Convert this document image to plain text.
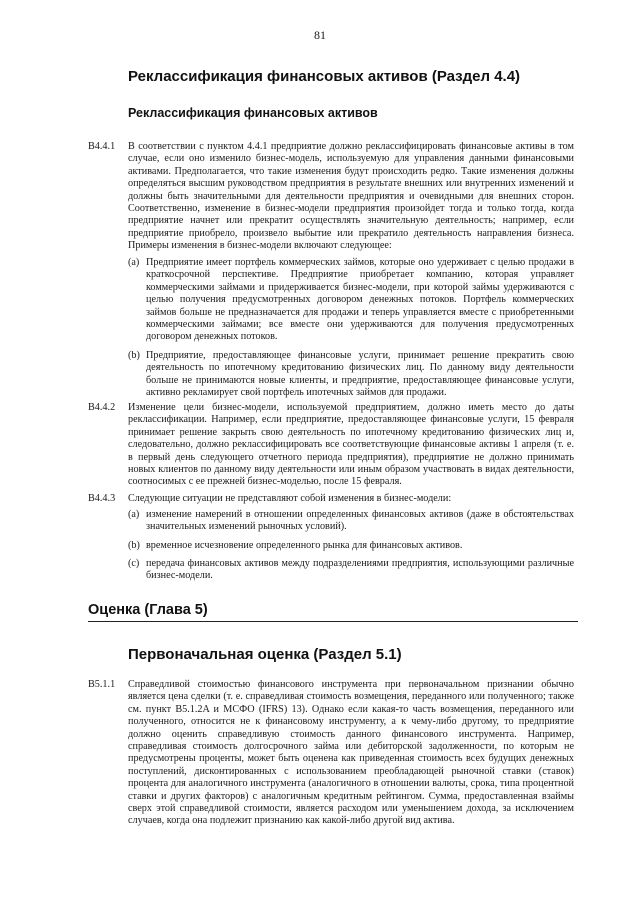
81
Реклассификация финансовых активов (Раздел 4.4)
Реклассификация финансовых активов
B4.4.1 В соответствии с пунктом 4.4.1 предприятие должно реклассифицировать финансовые активы в том случае, если оно изменило бизнес-модель, используемую для управления данными финансовыми активами. Предполагается, что такие изменения будут происходить редко. Такие изменения должны определяться высшим руководством предприятия в результате внешних или внутренних изменений и должны быть значительными для деятельности предприятия и очевидными для внешних сторон. Соответственно, изменение в бизнес-модели предприятия произойдет тогда и только тогда, когда предприятие начнет или прекратит осуществлять значительную деятельность; например, если предприятие приобрело, произвело выбытие или прекратило деятельность направления бизнеса. Примеры изменения в бизнес-модели включают следующее:

(a) Предприятие имеет портфель коммерческих займов, которые оно удерживает с целью продажи в краткосрочной перспективе. Предприятие приобретает компанию, которая управляет коммерческими займами и придерживается бизнес-модели, при которой займы удерживаются с целью получения предусмотренных договором денежных потоков. Портфель коммерческих займов больше не предназначается для продажи и теперь управляется вместе с приобретенными коммерческими займами; все вместе они удерживаются для получения предусмотренных договором денежных потоков.
(b) Предприятие, предоставляющее финансовые услуги, принимает решение прекратить свою деятельность по ипотечному кредитованию физических лиц. По данному виду деятельности больше не принимаются новые клиенты, и предприятие, предоставляющее финансовые услуги, активно рекламирует свой портфель ипотечных займов для продажи.
B4.4.2 Изменение цели бизнес-модели, используемой предприятием, должно иметь место до даты реклассификации. Например, если предприятие, предоставляющее финансовые услуги, 15 февраля принимает решение закрыть свою деятельность по ипотечному кредитованию физических лиц и, следовательно, должно реклассифицировать все соответствующие финансовые активы 1 апреля (т. е. в первый день следующего отчетного периода предприятия), предприятие не должно принимать новых клиентов по данному виду деятельности или иным образом участвовать в видах деятельности, соотносимых с ее прежней бизнес-моделью, после 15 февраля.

B4.4.3 Следующие ситуации не представляют собой изменения в бизнес-модели:

(a) изменение намерений в отношении определенных финансовых активов (даже в обстоятельствах значительных изменений рыночных условий).
(b) временное исчезновение определенного рынка для финансовых активов.
(c) передача финансовых активов между подразделениями предприятия, использующими различные бизнес-модели.
Оценка (Глава 5)
Первоначальная оценка (Раздел 5.1)
B5.1.1 Справедливой стоимостью финансового инструмента при первоначальном признании обычно является цена сделки (т. е. справедливая стоимость возмещения, переданного или полученного; также см. пункт B5.1.2A и МСФО (IFRS) 13). Однако если какая-то часть возмещения, переданного или полученного, относится не к финансовому инструменту, а к чему-либо другому, то предприятие должно оценить справедливую стоимость данного финансового инструмента. Например, справедливая стоимость долгосрочного займа или дебиторской задолженности, по которым не предусмотрены проценты, может быть оценена как приведенная стоимость всех будущих денежных поступлений, дисконтированных с использованием преобладающей рыночной ставки (ставок) процента для аналогичного инструмента (аналогичного в отношении валюты, срока, типа процентной ставки и других факторов) с аналогичным кредитным рейтингом. Сумма, предоставленная взаймы сверх этой справедливой стоимости, является расходом или уменьшением дохода, за исключением случаев, когда она подлежит признанию как какой-либо другой вид актива.
